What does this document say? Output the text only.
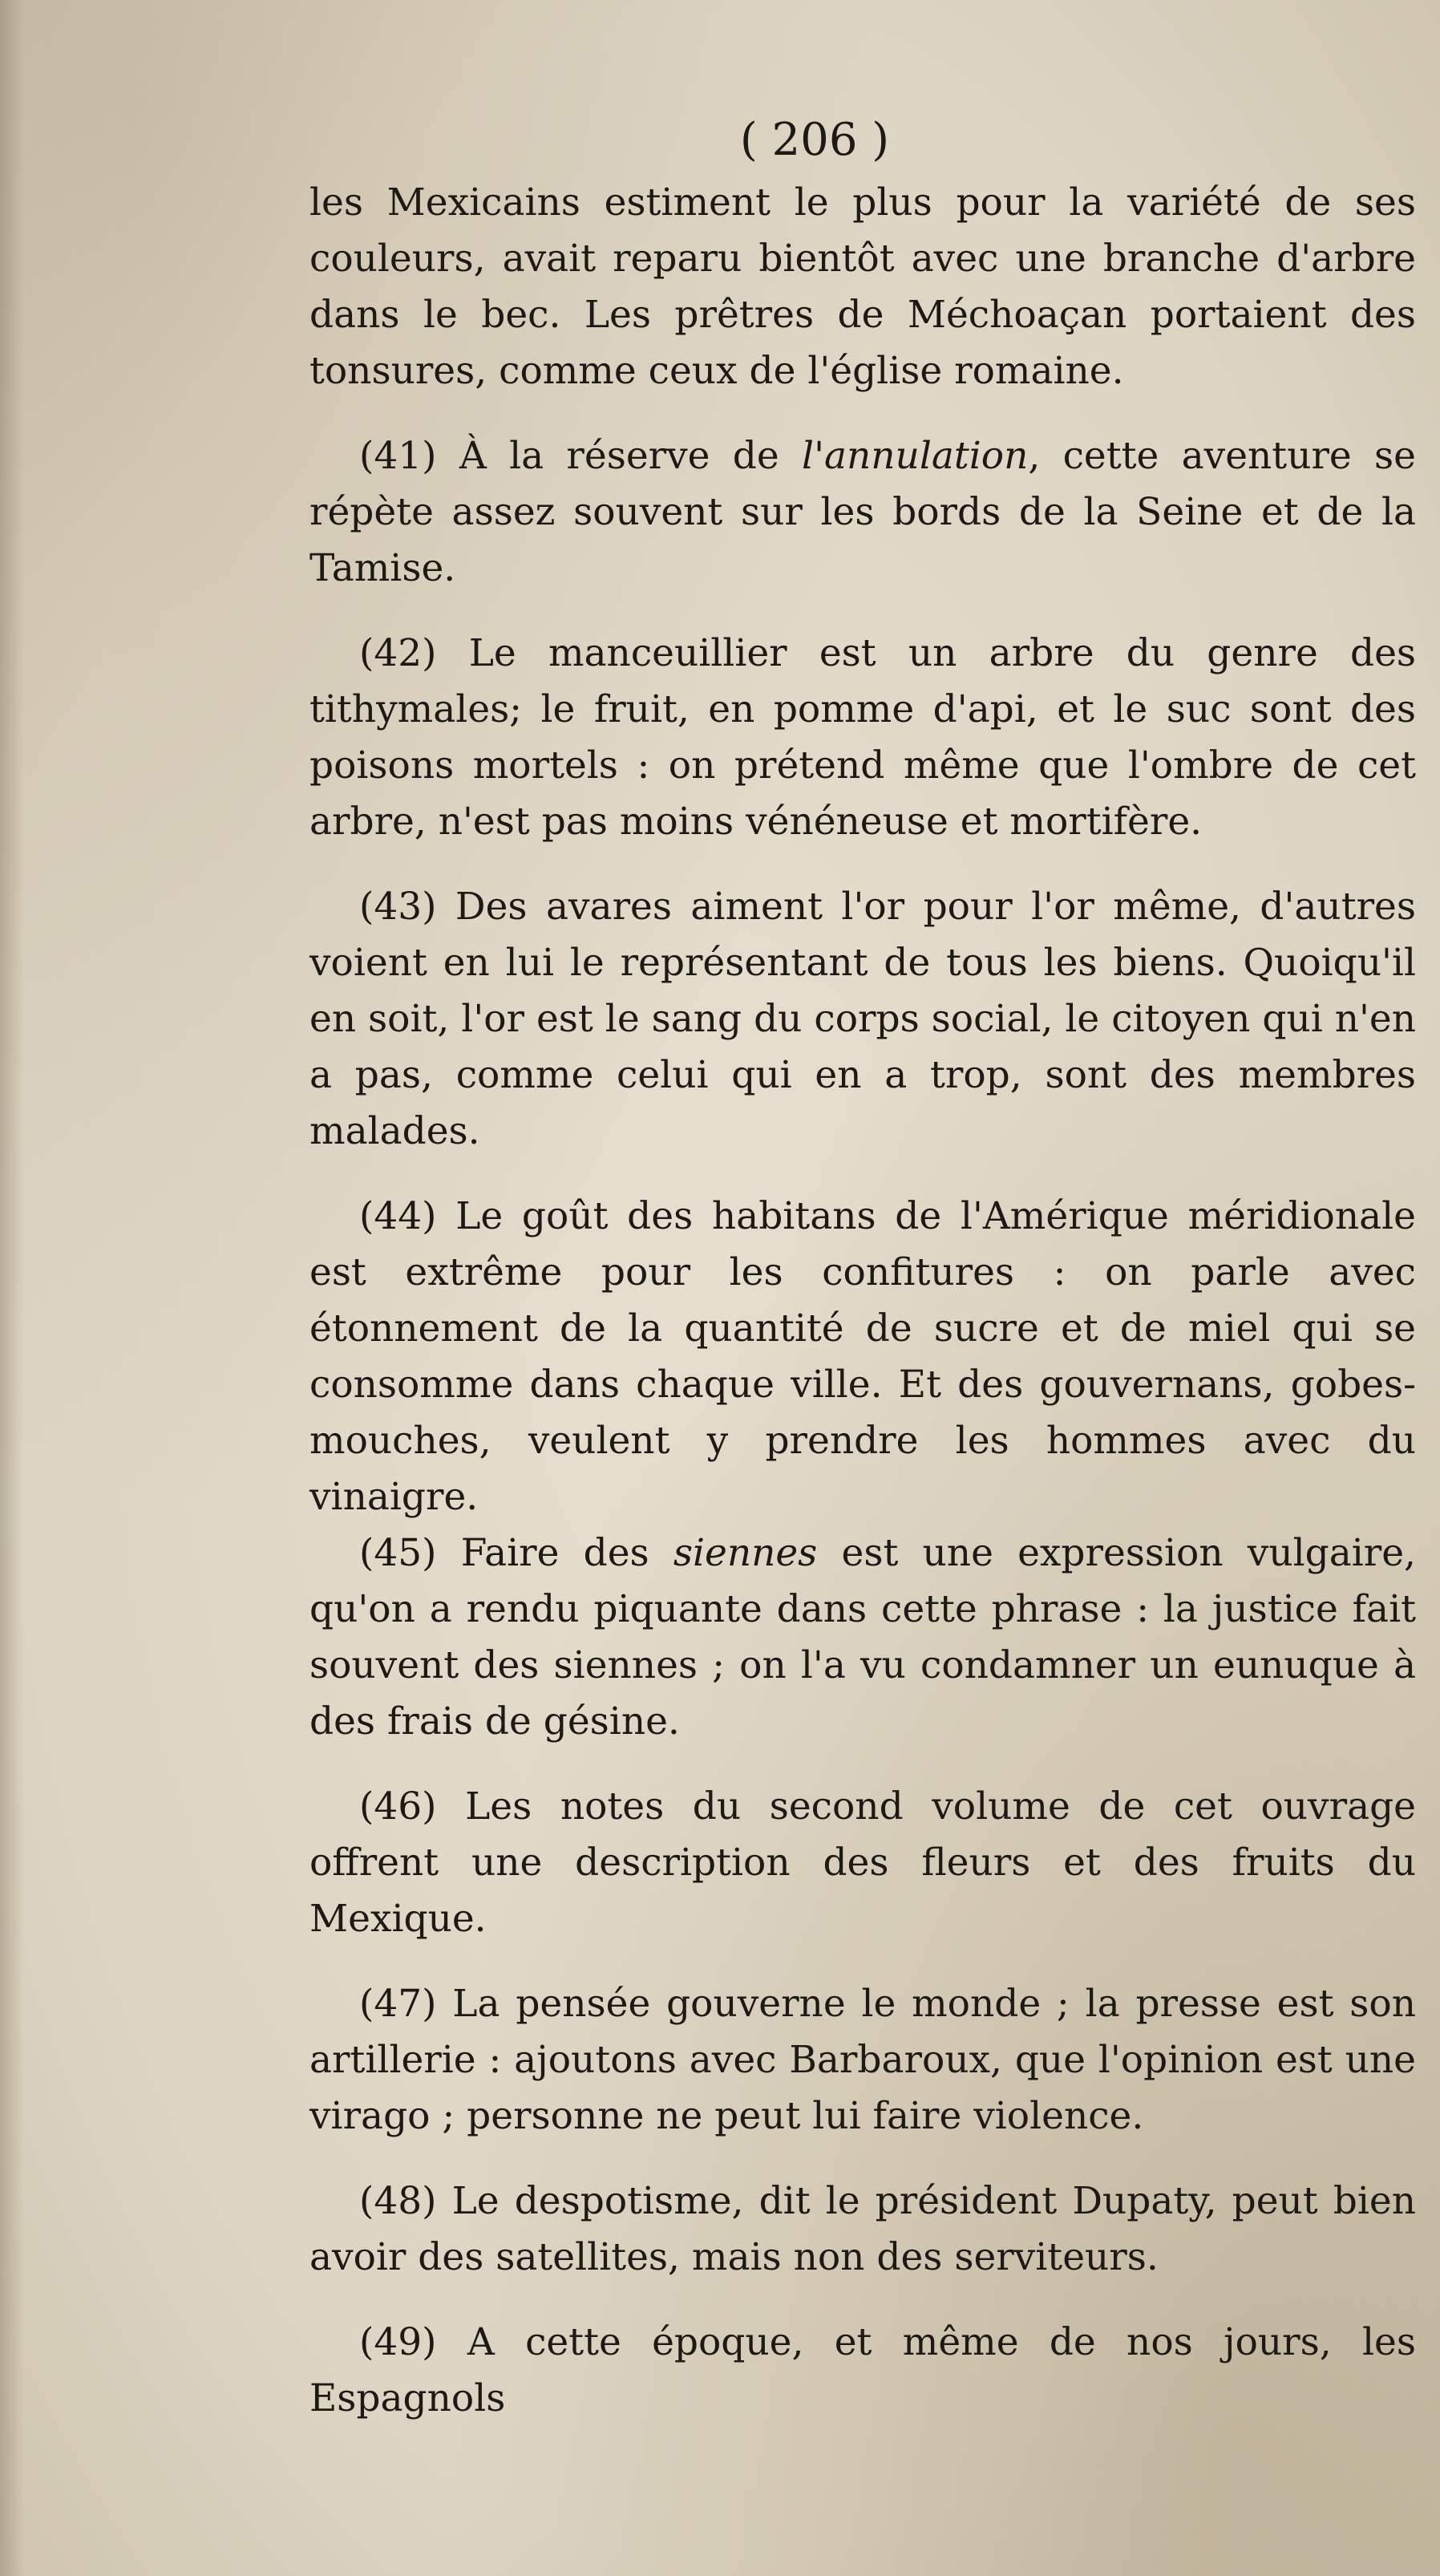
( 206 )

les Mexicains estiment le plus pour la variété de ses couleurs, avait reparu bientôt avec une branche d'arbre dans le bec. Les prêtres de Méchoaçan portaient des tonsures, comme ceux de l'église romaine.

(41) À la réserve de l'annulation, cette aventure se répète assez souvent sur les bords de la Seine et de la Tamise.

(42) Le manceuillier est un arbre du genre des tithymales; le fruit, en pomme d'api, et le suc sont des poisons mortels : on prétend même que l'ombre de cet arbre, n'est pas moins vénéneuse et mortifère.

(43) Des avares aiment l'or pour l'or même, d'autres voient en lui le représentant de tous les biens. Quoiqu'il en soit, l'or est le sang du corps social, le citoyen qui n'en a pas, comme celui qui en a trop, sont des membres malades.

(44) Le goût des habitans de l'Amérique méridionale est extrême pour les confitures : on parle avec étonnement de la quantité de sucre et de miel qui se consomme dans chaque ville. Et des gouvernans, gobes-mouches, veulent y prendre les hommes avec du vinaigre.

(45) Faire des siennes est une expression vulgaire, qu'on a rendu piquante dans cette phrase : la justice fait souvent des siennes ; on l'a vu condamner un eunuque à des frais de gésine.

(46) Les notes du second volume de cet ouvrage offrent une description des fleurs et des fruits du Mexique.

(47) La pensée gouverne le monde ; la presse est son artillerie : ajoutons avec Barbaroux, que l'opinion est une virago ; personne ne peut lui faire violence.

(48) Le despotisme, dit le président Dupaty, peut bien avoir des satellites, mais non des serviteurs.

(49) A cette époque, et même de nos jours, les Espagnols
